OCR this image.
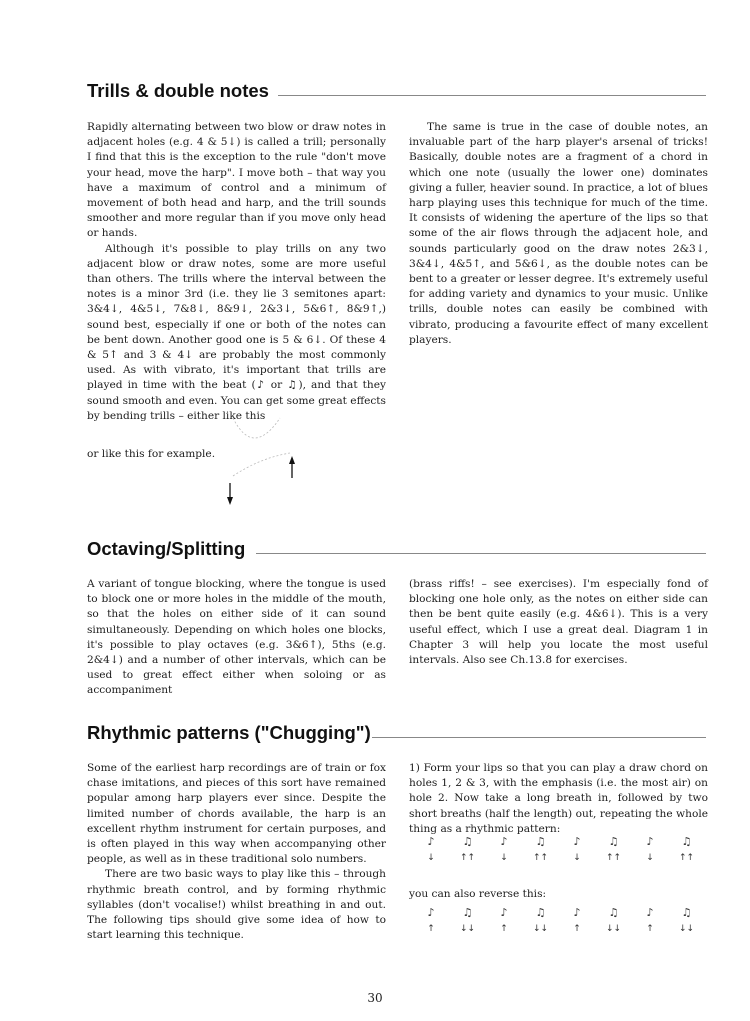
Trills & double notes

Rapidly alternating between two blow or draw notes in adjacent holes (e.g. 4 & 5↓) is called a trill; personally I find that this is the exception to the rule "don't move your head, move the harp". I move both – that way you have a maximum of control and a minimum of movement of both head and harp, and the trill sounds smoother and more regular than if you move only head or hands.

Although it's possible to play trills on any two adjacent blow or draw notes, some are more useful than others. The trills where the interval between the notes is a minor 3rd (i.e. they lie 3 semitones apart: 3&4↓, 4&5↓, 7&8↓, 8&9↓, 2&3↓, 5&6↑, 8&9↑,) sound best, especially if one or both of the notes can be bent down. Another good one is 5 & 6↓. Of these 4 & 5↑ and 3 & 4↓ are probably the most commonly used. As with vibrato, it's important that trills are played in time with the beat (♪ or ♫), and that they sound smooth and even. You can get some great effects by bending trills – either like this

or like this for example.

The same is true in the case of double notes, an invaluable part of the harp player's arsenal of tricks! Basically, double notes are a fragment of a chord in which one note (usually the lower one) dominates giving a fuller, heavier sound. In practice, a lot of blues harp playing uses this technique for much of the time. It consists of widening the aperture of the lips so that some of the air flows through the adjacent hole, and sounds particularly good on the draw notes 2&3↓, 3&4↓, 4&5↑, and 5&6↓, as the double notes can be bent to a greater or lesser degree. It's extremely useful for adding variety and dynamics to your music. Unlike trills, double notes can easily be combined with vibrato, producing a favourite effect of many excellent players.

Octaving/Splitting

A variant of tongue blocking, where the tongue is used to block one or more holes in the middle of the mouth, so that the holes on either side of it can sound simultaneously. Depending on which holes one blocks, it's possible to play octaves (e.g. 3&6↑), 5ths (e.g. 2&4↓) and a number of other intervals, which can be used to great effect either when soloing or as accompaniment

(brass riffs! – see exercises). I'm especially fond of blocking one hole only, as the notes on either side can then be bent quite easily (e.g. 4&6↓). This is a very useful effect, which I use a great deal. Diagram 1 in Chapter 3 will help you locate the most useful intervals. Also see Ch.13.8 for exercises.

Rhythmic patterns ("Chugging")

Some of the earliest harp recordings are of train or fox chase imitations, and pieces of this sort have remained popular among harp players ever since. Despite the limited number of chords available, the harp is an excellent rhythm instrument for certain purposes, and is often played in this way when accompanying other people, as well as in these traditional solo numbers.

There are two basic ways to play like this – through rhythmic breath control, and by forming rhythmic syllables (don't vocalise!) whilst breathing in and out. The following tips should give some idea of how to start learning this technique.

1) Form your lips so that you can play a draw chord on holes 1, 2 & 3, with the emphasis (i.e. the most air) on hole 2. Now take a long breath in, followed by two short breaths (half the length) out, repeating the whole thing as a rhythmic pattern:

you can also reverse this:
♪
↓
♫
↑↑
♪
↓
♫
↑↑
♪
↓
♫
↑↑
♪
↓
♫
↑↑
♪
↑
♫
↓↓
♪
↑
♫
↓↓
♪
↑
♫
↓↓
♪
↑
♫
↓↓
30
